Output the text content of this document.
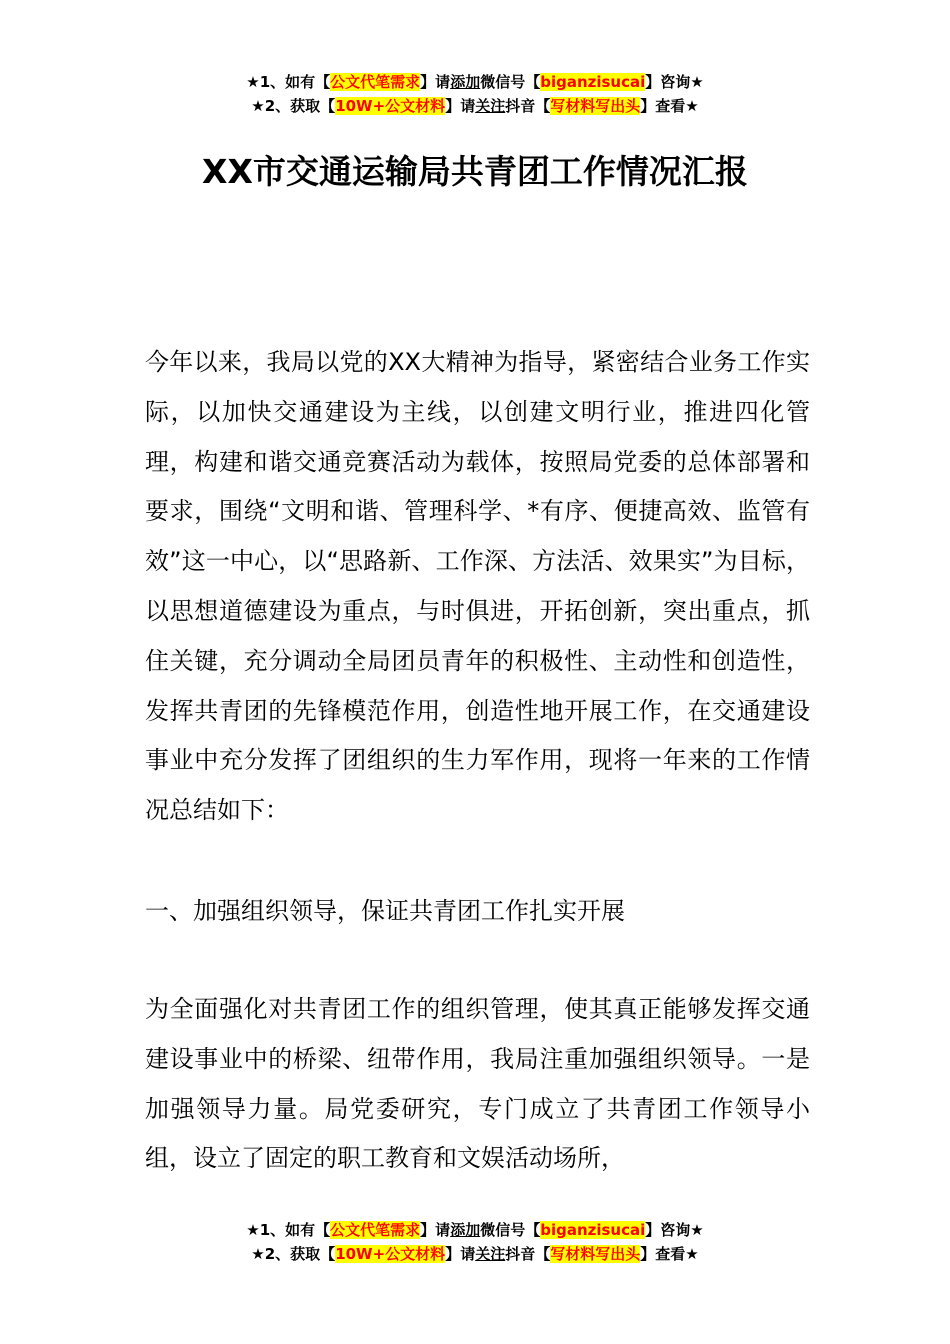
★1、如有【公文代笔需求】请添加微信号【biganzisucai】咨询★
★2、获取【10W+公文材料】请关注抖音【写材料写出头】查看★
XX市交通运输局共青团工作情况汇报
今年以来，我局以党的XX大精神为指导，紧密结合业务工作实际，以加快交通建设为主线，以创建文明行业，推进四化管理，构建和谐交通竞赛活动为载体，按照局党委的总体部署和要求，围绕“文明和谐、管理科学、*有序、便捷高效、监管有效”这一中心，以“思路新、工作深、方法活、效果实”为目标，以思想道德建设为重点，与时俱进，开拓创新，突出重点，抓住关键，充分调动全局团员青年的积极性、主动性和创造性，发挥共青团的先锋模范作用，创造性地开展工作，在交通建设事业中充分发挥了团组织的生力军作用，现将一年来的工作情况总结如下：
一、加强组织领导，保证共青团工作扎实开展
为全面强化对共青团工作的组织管理，使其真正能够发挥交通建设事业中的桥梁、纽带作用，我局注重加强组织领导。一是加强领导力量。局党委研究，专门成立了共青团工作领导小组，设立了固定的职工教育和文娱活动场所，
★1、如有【公文代笔需求】请添加微信号【biganzisucai】咨询★
★2、获取【10W+公文材料】请关注抖音【写材料写出头】查看★
